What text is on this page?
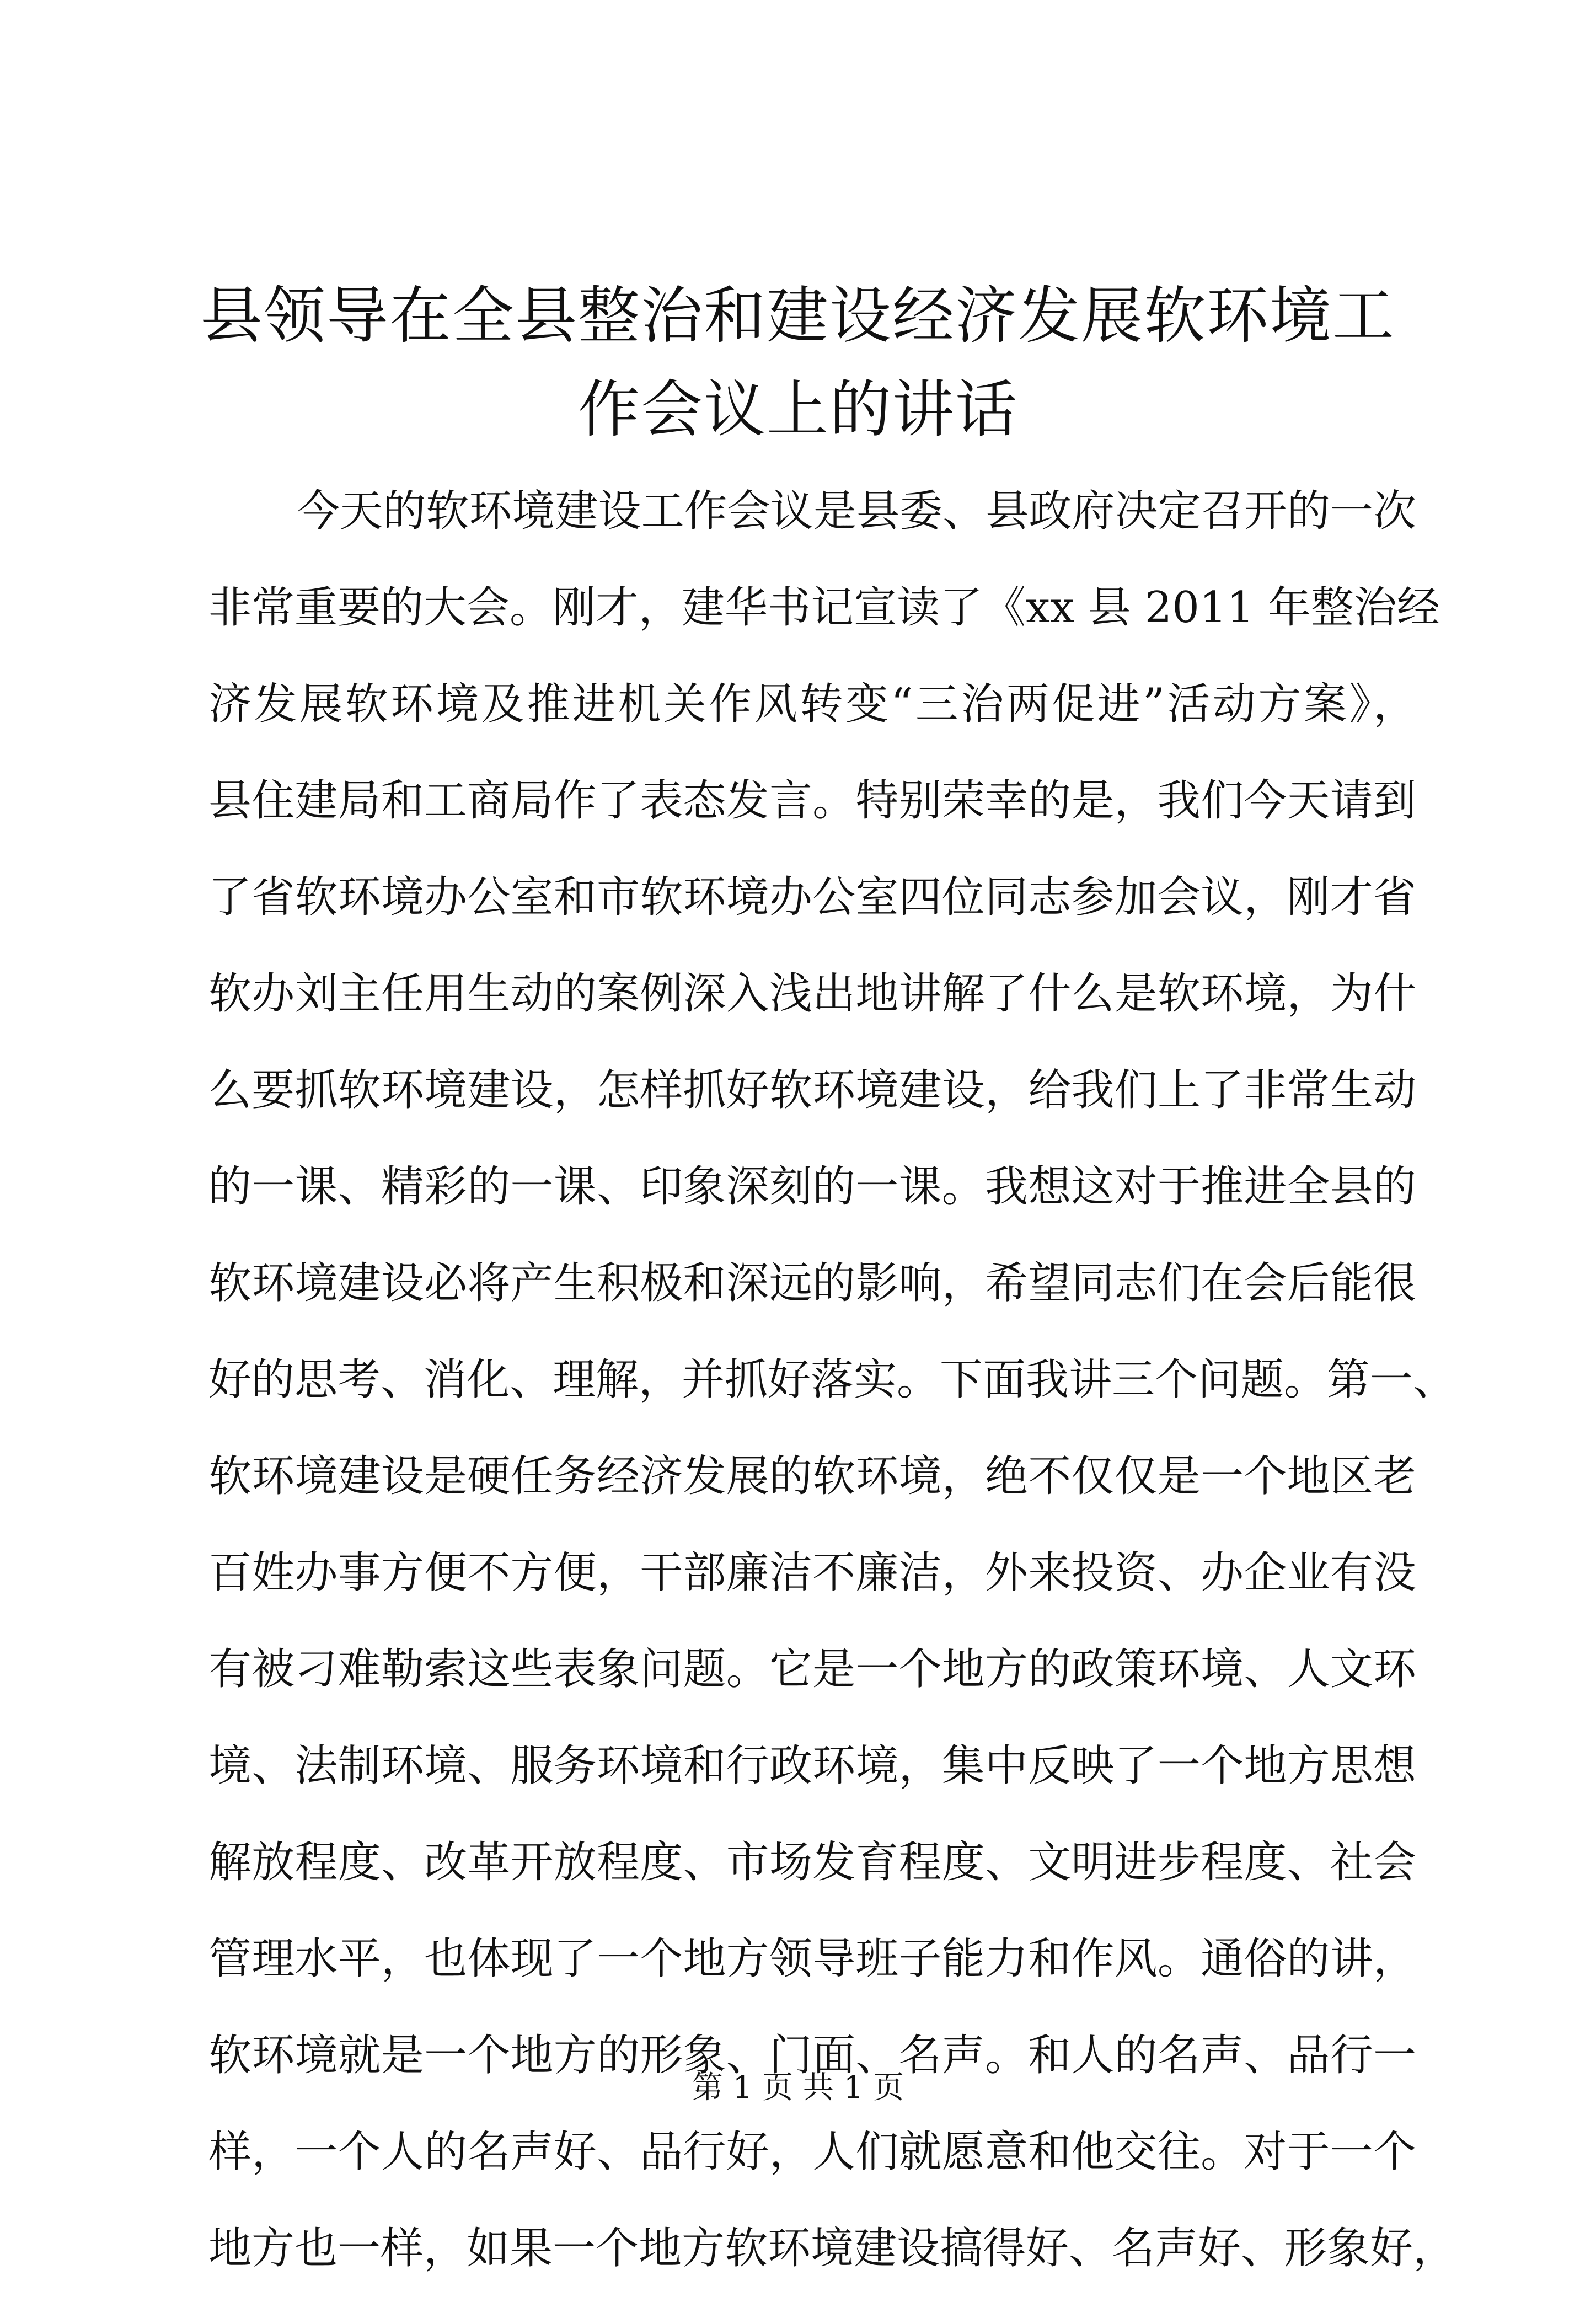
县领导在全县整治和建设经济发展软环境工作会议上的讲话
今天的软环境建设工作会议是县委、县政府决定召开的一次
非常重要的大会。刚才，建华书记宣读了《xx 县 2011 年整治经
济发展软环境及推进机关作风转变“三治两促进”活动方案》，
县住建局和工商局作了表态发言。特别荣幸的是，我们今天请到
了省软环境办公室和市软环境办公室四位同志参加会议，刚才省
软办刘主任用生动的案例深入浅出地讲解了什么是软环境，为什
么要抓软环境建设，怎样抓好软环境建设，给我们上了非常生动
的一课、精彩的一课、印象深刻的一课。我想这对于推进全县的
软环境建设必将产生积极和深远的影响，希望同志们在会后能很
好的思考、消化、理解，并抓好落实。下面我讲三个问题。第一、
软环境建设是硬任务经济发展的软环境，绝不仅仅是一个地区老
百姓办事方便不方便，干部廉洁不廉洁，外来投资、办企业有没
有被刁难勒索这些表象问题。它是一个地方的政策环境、人文环
境、法制环境、服务环境和行政环境，集中反映了一个地方思想
解放程度、改革开放程度、市场发育程度、文明进步程度、社会
管理水平，也体现了一个地方领导班子能力和作风。通俗的讲，
软环境就是一个地方的形象、门面、名声。和人的名声、品行一
样，一个人的名声好、品行好，人们就愿意和他交往。对于一个
地方也一样，如果一个地方软环境建设搞得好、名声好、形象好，
第 1 页 共 1 页
